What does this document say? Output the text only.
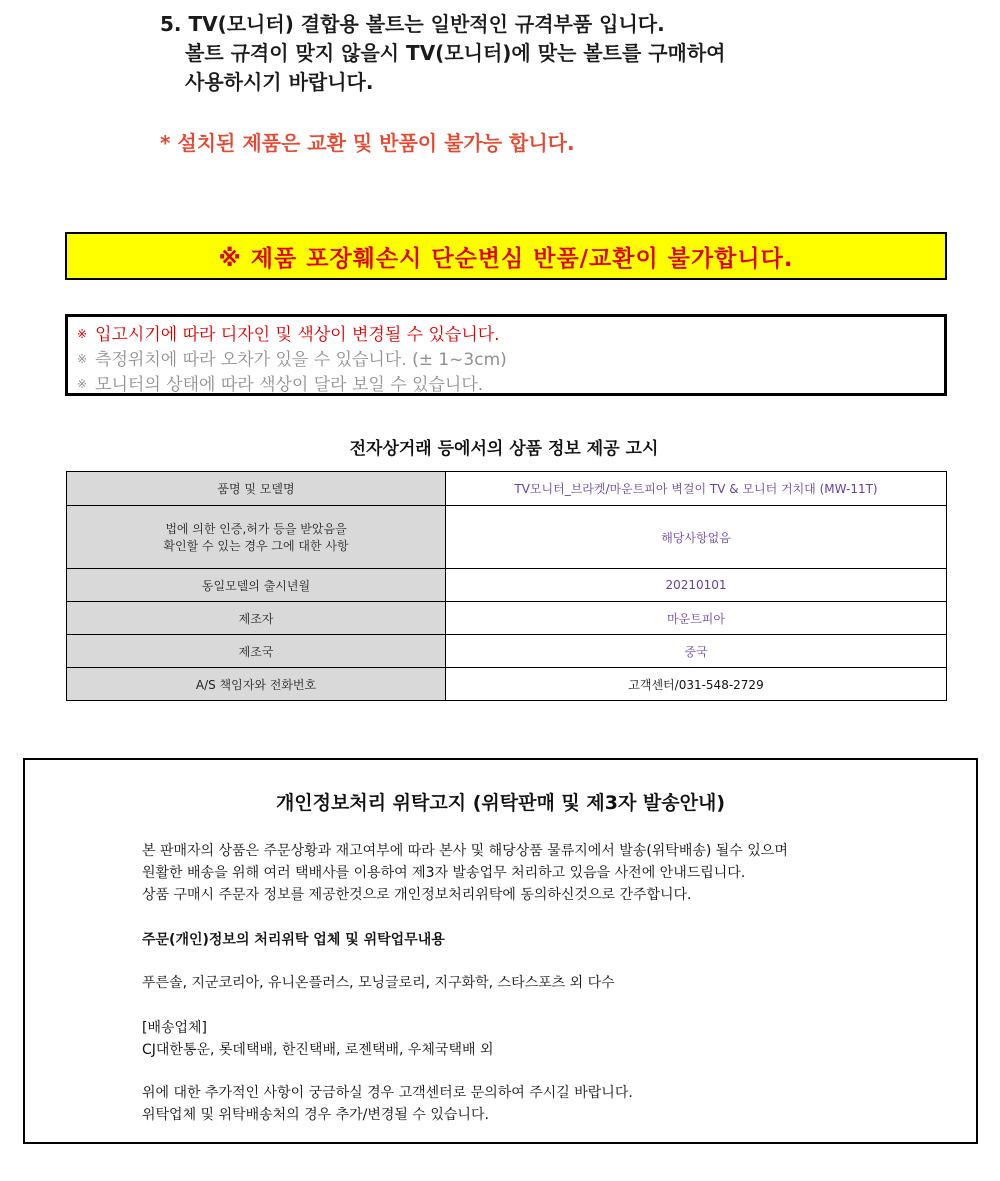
5. TV(모니터) 결합용 볼트는 일반적인 규격부품 입니다.
볼트 규격이 맞지 않을시 TV(모니터)에 맞는 볼트를 구매하여
사용하시기 바랍니다.
* 설치된 제품은 교환 및 반품이 불가능 합니다.
※ 제품 포장훼손시 단순변심 반품/교환이 불가합니다.
※ 입고시기에 따라 디자인 및 색상이 변경될 수 있습니다.
※ 측정위치에 따라 오차가 있을 수 있습니다. (± 1~3cm)
※ 모니터의 상태에 따라 색상이 달라 보일 수 있습니다.
전자상거래 등에서의 상품 정보 제공 고시
품명 및 모델명	TV모니터_브라켓/마운트피아 벽걸이 TV & 모니터 거치대 (MW-11T)
법에 의한 인증,허가 등을 받았음을
확인할 수 있는 경우 그에 대한 사항	해당사항없음
동일모델의 출시년월	20210101
제조자	마운트피아
제조국	중국
A/S 책임자와 전화번호	고객센터/031-548-2729
개인정보처리 위탁고지 (위탁판매 및 제3자 발송안내)
본 판매자의 상품은 주문상황과 재고여부에 따라 본사 및 해당상품 물류지에서 발송(위탁배송) 될수 있으며
원활한 배송을 위해 여러 택배사를 이용하여 제3자 발송업무 처리하고 있음을 사전에 안내드립니다.
상품 구매시 주문자 정보를 제공한것으로 개인정보처리위탁에 동의하신것으로 간주합니다.
주문(개인)정보의 처리위탁 업체 및 위탁업무내용
푸른솔, 지군코리아, 유니온플러스, 모닝글로리, 지구화학, 스타스포츠 외 다수
[배송업체]
CJ대한통운, 롯데택배, 한진택배, 로젠택배, 우체국택배 외
위에 대한 추가적인 사항이 궁금하실 경우 고객센터로 문의하여 주시길 바랍니다.
위탁업체 및 위탁배송처의 경우 추가/변경될 수 있습니다.
